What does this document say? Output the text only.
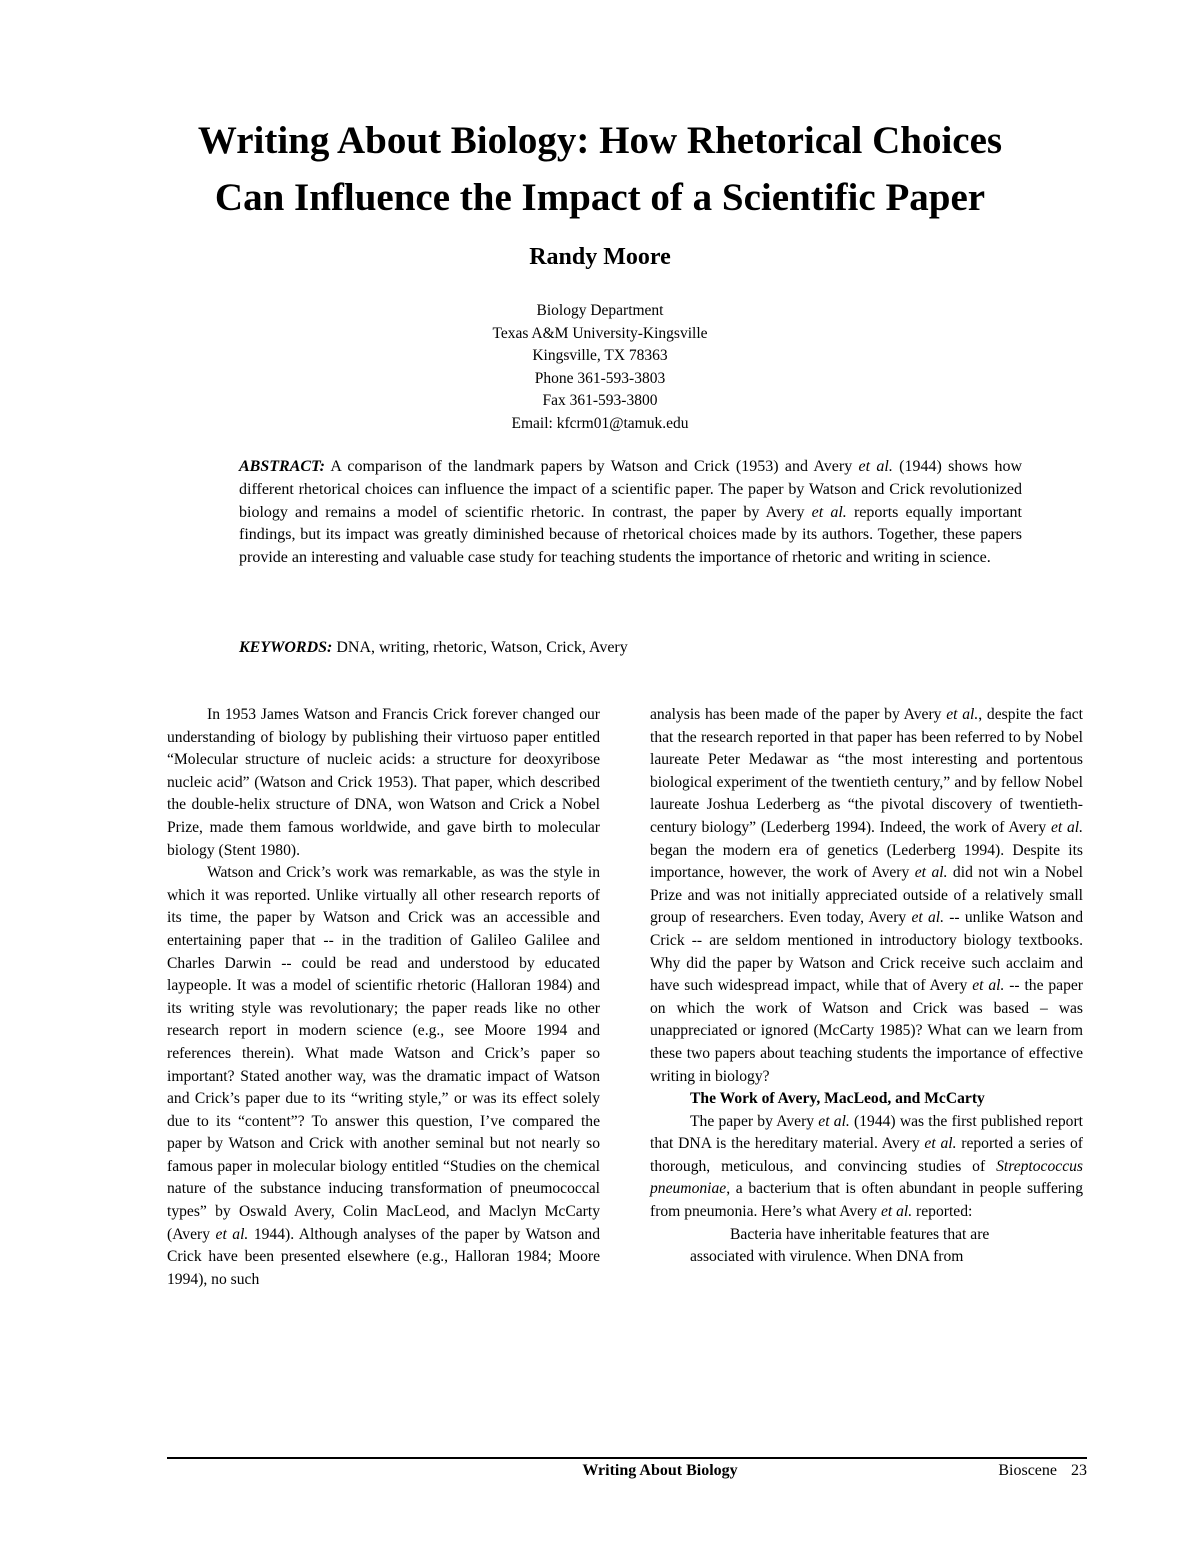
Writing About Biology: How Rhetorical Choices
Can Influence the Impact of a Scientific Paper
Randy Moore
Biology Department
Texas A&M University-Kingsville
Kingsville, TX 78363
Phone 361-593-3803
Fax 361-593-3800
Email: kfcrm01@tamuk.edu
ABSTRACT: A comparison of the landmark papers by Watson and Crick (1953) and Avery et al. (1944) shows how different rhetorical choices can influence the impact of a scientific paper. The paper by Watson and Crick revolutionized biology and remains a model of scientific rhetoric. In contrast, the paper by Avery et al. reports equally important findings, but its impact was greatly diminished because of rhetorical choices made by its authors. Together, these papers provide an interesting and valuable case study for teaching students the importance of rhetoric and writing in science.
KEYWORDS: DNA, writing, rhetoric, Watson, Crick, Avery

In 1953 James Watson and Francis Crick forever changed our understanding of biology by publishing their virtuoso paper entitled “Molecular structure of nucleic acids: a structure for deoxyribose nucleic acid” (Watson and Crick 1953). That paper, which described the double-helix structure of DNA, won Watson and Crick a Nobel Prize, made them famous worldwide, and gave birth to molecular biology (Stent 1980).

Watson and Crick’s work was remarkable, as was the style in which it was reported. Unlike virtually all other research reports of its time, the paper by Watson and Crick was an accessible and entertaining paper that -- in the tradition of Galileo Galilee and Charles Darwin -- could be read and understood by educated laypeople. It was a model of scientific rhetoric (Halloran 1984) and its writing style was revolutionary; the paper reads like no other research report in modern science (e.g., see Moore 1994 and references therein). What made Watson and Crick’s paper so important? Stated another way, was the dramatic impact of Watson and Crick’s paper due to its “writing style,” or was its effect solely due to its “content”? To answer this question, I’ve compared the paper by Watson and Crick with another seminal but not nearly so famous paper in molecular biology entitled “Studies on the chemical nature of the substance inducing transformation of pneumococcal types” by Oswald Avery, Colin MacLeod, and Maclyn McCarty (Avery et al. 1944). Although analyses of the paper by Watson and Crick have been presented elsewhere (e.g., Halloran 1984; Moore 1994), no such

analysis has been made of the paper by Avery et al., despite the fact that the research reported in that paper has been referred to by Nobel laureate Peter Medawar as “the most interesting and portentous biological experiment of the twentieth century,” and by fellow Nobel laureate Joshua Lederberg as “the pivotal discovery of twentieth-century biology” (Lederberg 1994). Indeed, the work of Avery et al. began the modern era of genetics (Lederberg 1994). Despite its importance, however, the work of Avery et al. did not win a Nobel Prize and was not initially appreciated outside of a relatively small group of researchers. Even today, Avery et al. -- unlike Watson and Crick -- are seldom mentioned in introductory biology textbooks. Why did the paper by Watson and Crick receive such acclaim and have such widespread impact, while that of Avery et al. -- the paper on which the work of Watson and Crick was based – was unappreciated or ignored (McCarty 1985)? What can we learn from these two papers about teaching students the importance of effective writing in biology?

The Work of Avery, MacLeod, and McCarty

The paper by Avery et al. (1944) was the first published report that DNA is the hereditary material. Avery et al. reported a series of thorough, meticulous, and convincing studies of Streptococcus pneumoniae, a bacterium that is often abundant in people suffering from pneumonia. Here’s what Avery et al. reported:

Bacteria have inheritable features that are associated with virulence. When DNA from

Writing About Biology	Bioscene 23
